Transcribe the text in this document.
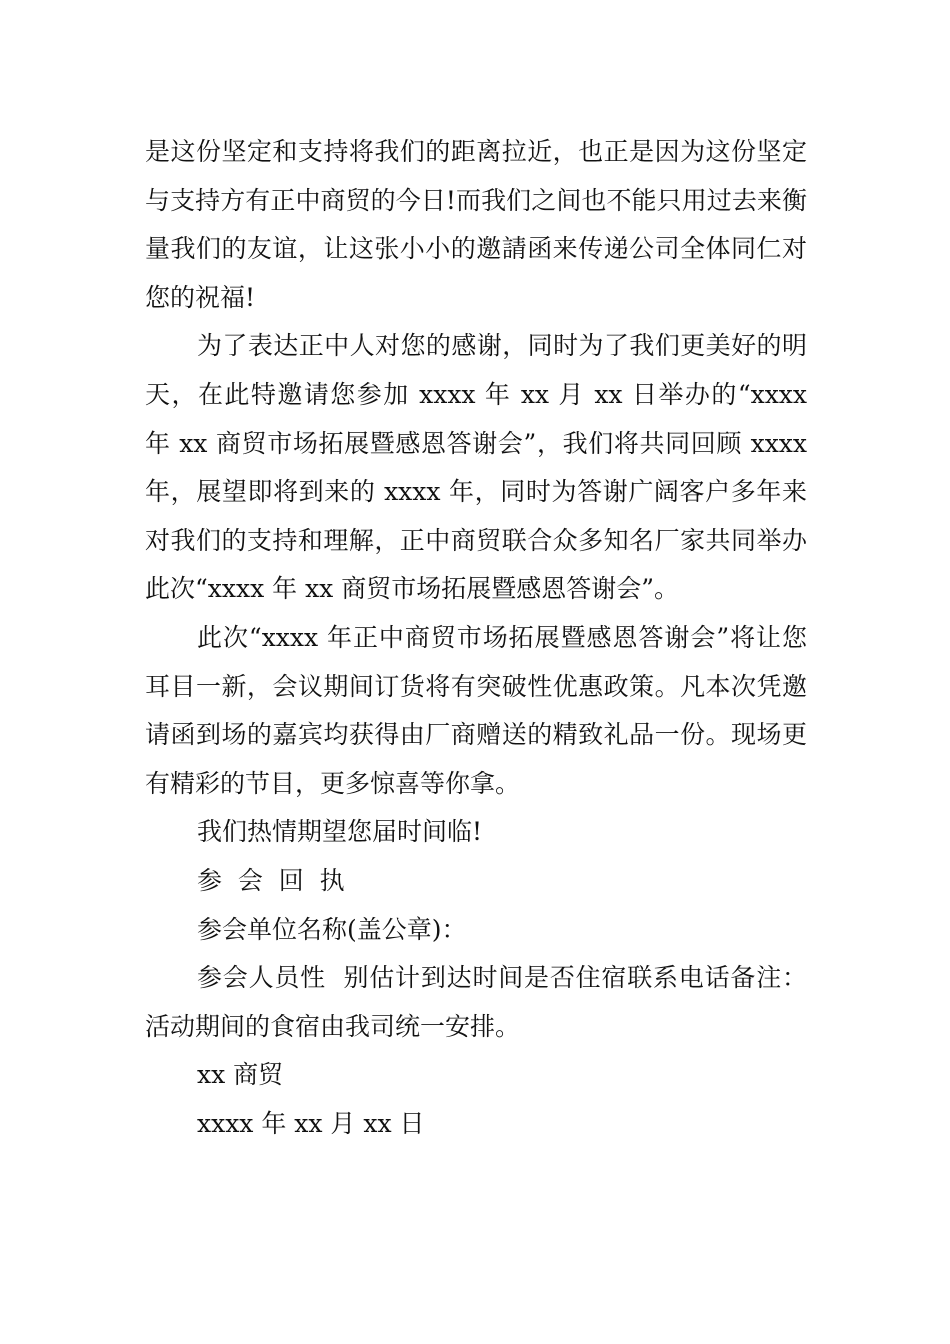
是这份坚定和支持将我们的距离拉近，也正是因为这份坚定与支持方有正中商贸的今日!而我们之间也不能只用过去来衡量我们的友谊，让这张小小的邀請函来传递公司全体同仁对您的祝福!

为了表达正中人对您的感谢，同时为了我们更美好的明天，在此特邀请您参加 xxxx 年 xx 月 xx 日举办的“xxxx 年 xx 商贸市场拓展暨感恩答谢会”，我们将共同回顾 xxxx 年，展望即将到来的 xxxx 年，同时为答谢广阔客户多年来对我们的支持和理解，正中商贸联合众多知名厂家共同举办此次“xxxx 年 xx 商贸市场拓展暨感恩答谢会”。

此次“xxxx 年正中商贸市场拓展暨感恩答谢会”将让您耳目一新，会议期间订货将有突破性优惠政策。凡本次凭邀请函到场的嘉宾均获得由厂商赠送的精致礼品一份。现场更有精彩的节目，更多惊喜等你拿。

我们热情期望您届时间临!

参  会  回  执

参会单位名称(盖公章)：

参会人员性  别估计到达时间是否住宿联系电话备注：活动期间的食宿由我司统一安排。

xx 商贸

xxxx 年 xx 月 xx 日
